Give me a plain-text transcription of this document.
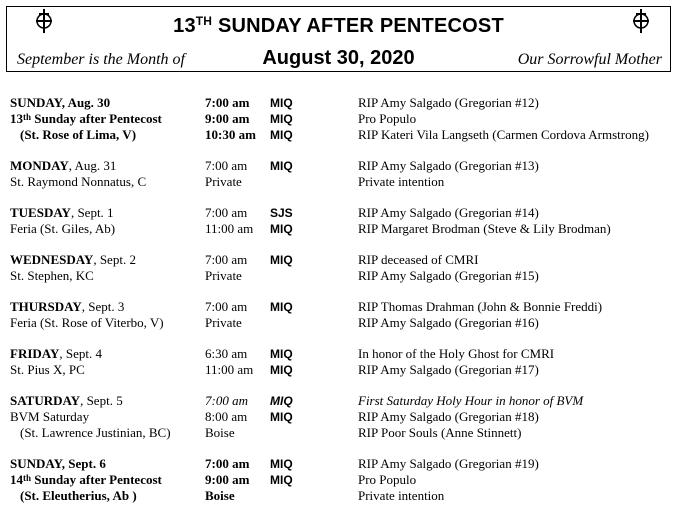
13TH SUNDAY AFTER PENTECOST
September is the Month of	August 30, 2020	Our Sorrowful Mother
SUNDAY, Aug. 30	7:00 am MIQ	RIP Amy Salgado (Gregorian #12)
13th Sunday after Pentecost	9:00 am MIQ	Pro Populo
(St. Rose of Lima, V)	10:30 am MIQ	RIP Kateri Vila Langseth (Carmen Cordova Armstrong)
MONDAY, Aug. 31	7:00 am MIQ	RIP Amy Salgado (Gregorian #13)
St. Raymond Nonnatus, C	Private	Private intention
TUESDAY, Sept. 1	7:00 am SJS	RIP Amy Salgado (Gregorian #14)
Feria (St. Giles, Ab)	11:00 am MIQ	RIP Margaret Brodman (Steve & Lily Brodman)
WEDNESDAY, Sept. 2	7:00 am MIQ	RIP deceased of CMRI
St. Stephen, KC	Private	RIP Amy Salgado (Gregorian #15)
THURSDAY, Sept. 3	7:00 am MIQ	RIP Thomas Drahman (John & Bonnie Freddi)
Feria (St. Rose of Viterbo, V)	Private	RIP Amy Salgado (Gregorian #16)
FRIDAY, Sept. 4	6:30 am MIQ	In honor of the Holy Ghost for CMRI
St. Pius X, PC	11:00 am MIQ	RIP Amy Salgado (Gregorian #17)
SATURDAY, Sept. 5	7:00 am MIQ	First Saturday Holy Hour in honor of BVM
BVM Saturday	8:00 am MIQ	RIP Amy Salgado (Gregorian #18)
(St. Lawrence Justinian, BC)	Boise	RIP Poor Souls (Anne Stinnett)
SUNDAY, Sept. 6	7:00 am MIQ	RIP Amy Salgado (Gregorian #19)
14th Sunday after Pentecost	9:00 am MIQ	Pro Populo
(St. Eleutherius, Ab )	Boise	Private intention
